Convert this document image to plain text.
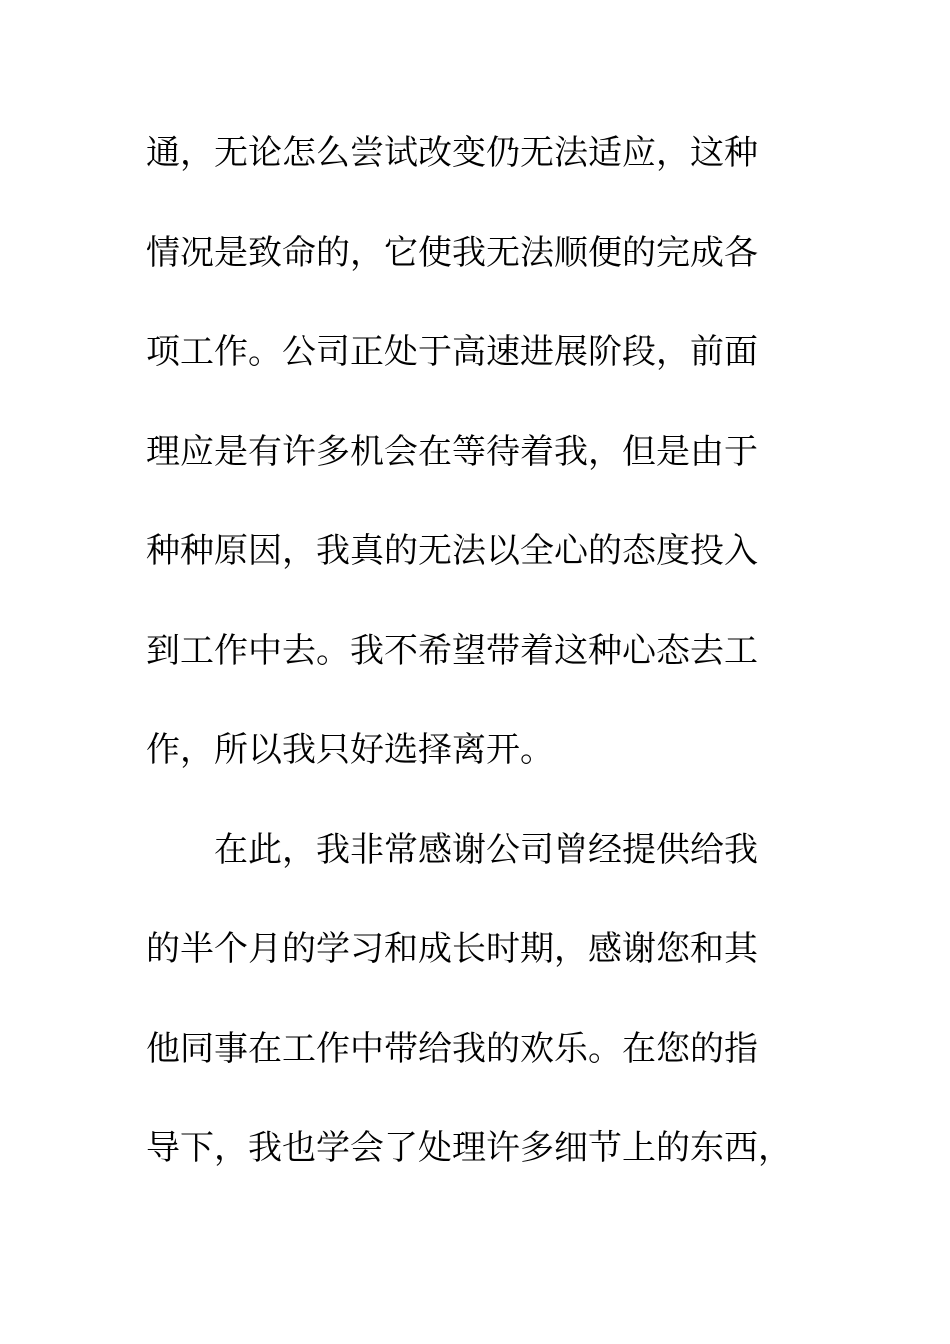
通，无论怎么尝试改变仍无法适应，这种
情况是致命的，它使我无法顺便的完成各
项工作。公司正处于高速进展阶段，前面
理应是有许多机会在等待着我，但是由于
种种原因，我真的无法以全心的态度投入
到工作中去。我不希望带着这种心态去工
作，所以我只好选择离开。
在此，我非常感谢公司曾经提供给我
的半个月的学习和成长时期，感谢您和其
他同事在工作中带给我的欢乐。在您的指
导下，我也学会了处理许多细节上的东西，
